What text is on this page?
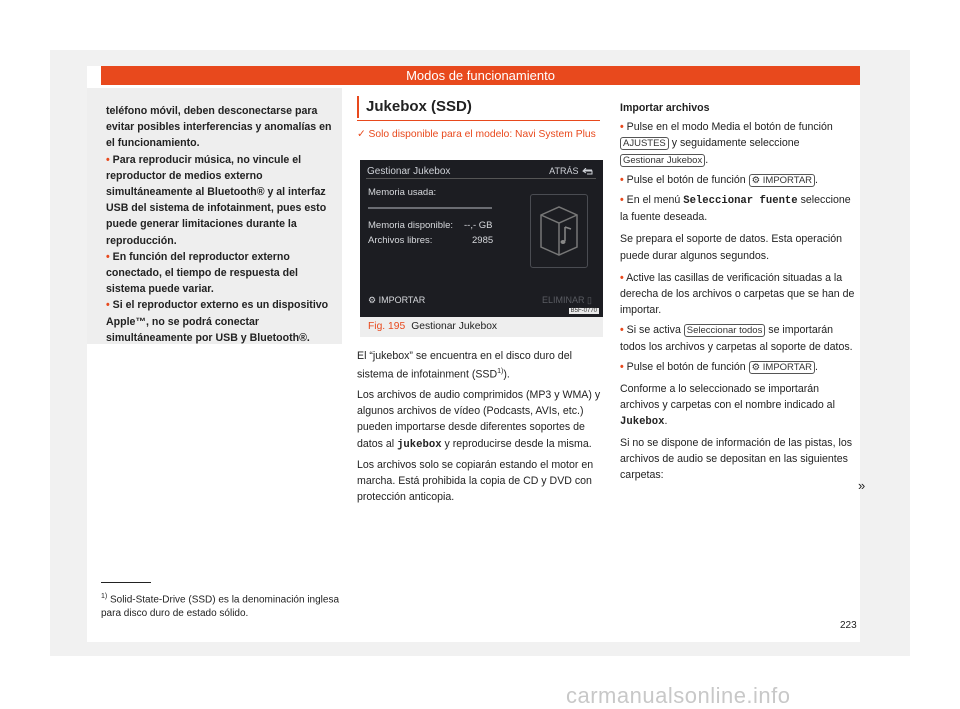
Modos de funcionamiento

teléfono móvil, deben desconectarse para evitar posibles interferencias y anomalías en el funcionamiento.

• Para reproducir música, no vincule el reproductor de medios externo simultáneamente al Bluetooth® y al interfaz USB del sistema de infotainment, pues esto puede generar limitaciones durante la reproducción.

• En función del reproductor externo conectado, el tiempo de respuesta del sistema puede variar.

• Si el reproductor externo es un dispositivo Apple™, no se podrá conectar simultáneamente por USB y Bluetooth®.

Jukebox (SSD)
✓ Solo disponible para el modelo: Navi System Plus
Gestionar Jukebox	ATRÁS
Memoria usada:
Memoria disponible: --,- GB
Archivos libres:	2985
⚙ IMPORTAR	ELIMINAR ▯
B5F-0770
Fig. 195 Gestionar Jukebox

El “jukebox” se encuentra en el disco duro del sistema de infotainment (SSD$^{1)}$).

Los archivos de audio comprimidos (MP3 y WMA) y algunos archivos de vídeo (Podcasts, AVIs, etc.) pueden importarse desde diferentes soportes de datos al jukebox y reproducirse desde la misma.

Los archivos solo se copiarán estando el motor en marcha. Está prohibida la copia de CD y DVD con protección anticopia.

Importar archivos

• Pulse en el modo Media el botón de función AJUSTES y seguidamente seleccione Gestionar Jukebox .

• Pulse el botón de función ⚙ IMPORTAR .

• En el menú Seleccionar fuente seleccione la fuente deseada.

Se prepara el soporte de datos. Esta operación puede durar algunos segundos.

• Active las casillas de verificación situadas a la derecha de los archivos o carpetas que se han de importar.

• Si se activa Seleccionar todos se importarán todos los archivos y carpetas al soporte de datos.

• Pulse el botón de función ⚙ IMPORTAR .

Conforme a lo seleccionado se importarán archivos y carpetas con el nombre indicado al Jukebox.

Si no se dispone de información de las pistas, los archivos de audio se depositan en las siguientes carpetas:

»
$^{1)}$ Solid-State-Drive (SSD) es la denominación inglesa para disco duro de estado sólido.
223
carmanualsonline.info
